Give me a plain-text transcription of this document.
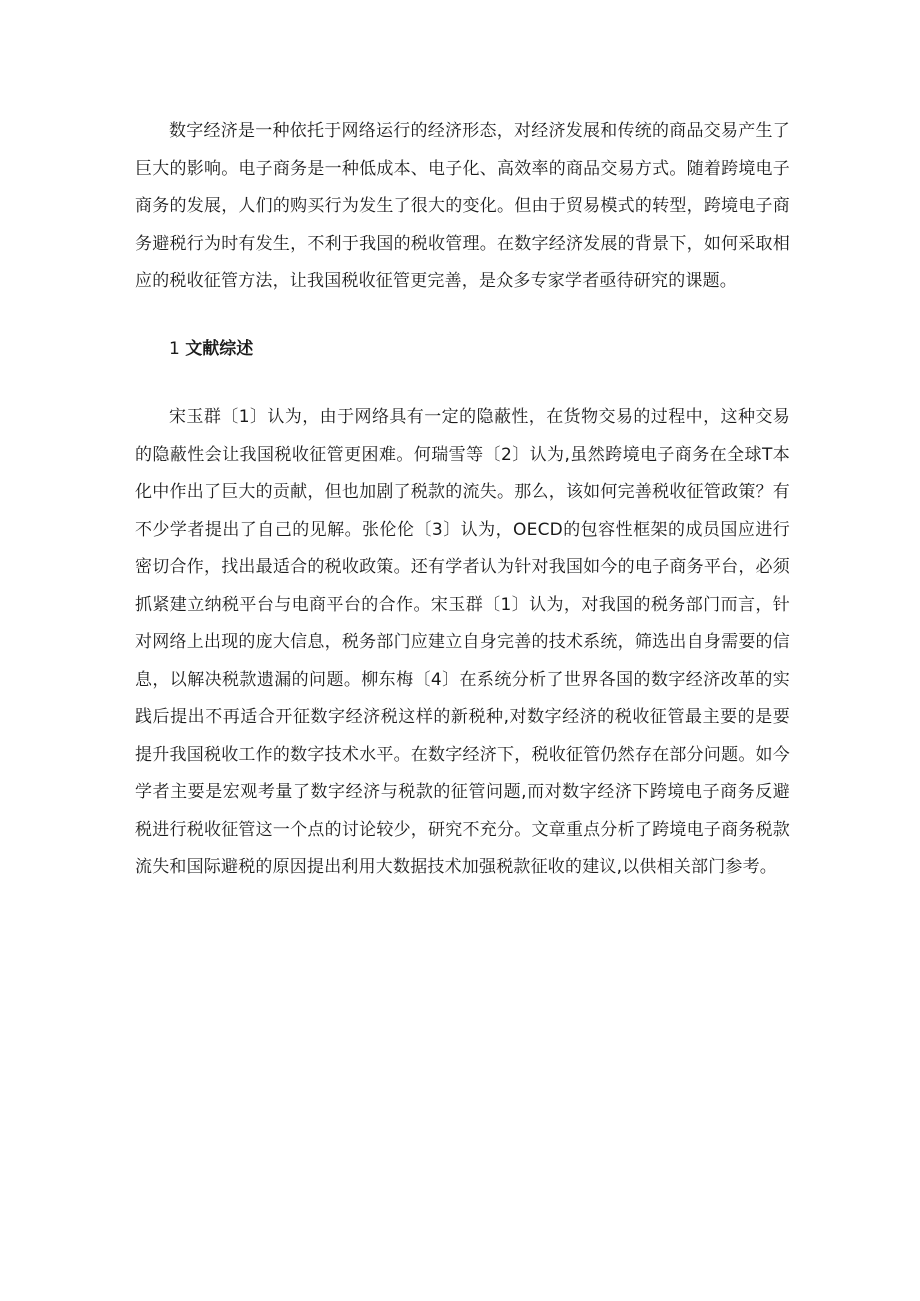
数字经济是一种依托于网络运行的经济形态，对经济发展和传统的商品交易产生了巨大的影响。电子商务是一种低成本、电子化、高效率的商品交易方式。随着跨境电子商务的发展，人们的购买行为发生了很大的变化。但由于贸易模式的转型，跨境电子商务避税行为时有发生，不利于我国的税收管理。在数字经济发展的背景下，如何采取相应的税收征管方法，让我国税收征管更完善，是众多专家学者亟待研究的课题。

1 文献综述

宋玉群〔1〕认为，由于网络具有一定的隐蔽性，在货物交易的过程中，这种交易的隐蔽性会让我国税收征管更困难。何瑞雪等〔2〕认为,虽然跨境电子商务在全球T本化中作出了巨大的贡献，但也加剧了税款的流失。那么，该如何完善税收征管政策？有不少学者提出了自己的见解。张伦伦〔3〕认为，OECD的包容性框架的成员国应进行密切合作，找出最适合的税收政策。还有学者认为针对我国如今的电子商务平台，必须抓紧建立纳税平台与电商平台的合作。宋玉群〔1〕认为，对我国的税务部门而言，针对网络上出现的庞大信息，税务部门应建立自身完善的技术系统，筛选出自身需要的信息，以解决税款遗漏的问题。柳东梅〔4〕在系统分析了世界各国的数字经济改革的实践后提出不再适合开征数字经济税这样的新税种,对数字经济的税收征管最主要的是要提升我国税收工作的数字技术水平。在数字经济下，税收征管仍然存在部分问题。如今学者主要是宏观考量了数字经济与税款的征管问题,而对数字经济下跨境电子商务反避税进行税收征管这一个点的讨论较少，研究不充分。文章重点分析了跨境电子商务税款流失和国际避税的原因提出利用大数据技术加强税款征收的建议,以供相关部门参考。
